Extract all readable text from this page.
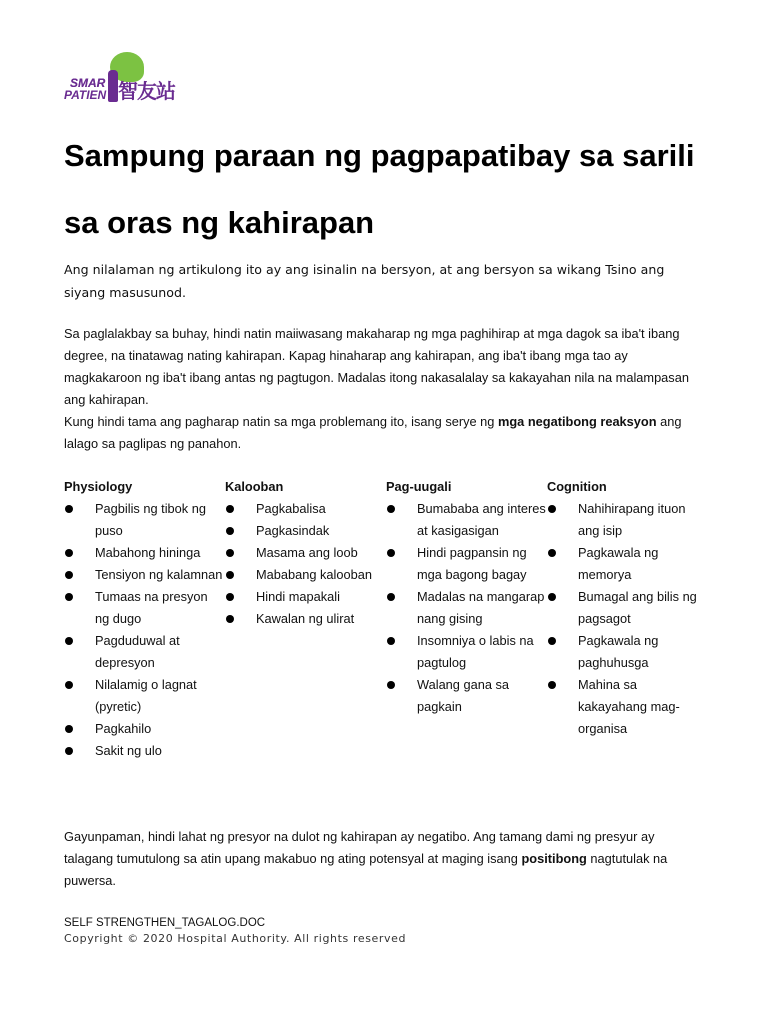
SMAR
PATIEN 智友站
Sampung paraan ng pagpapatibay sa sarili sa oras ng kahirapan

Ang nilalaman ng artikulong ito ay ang isinalin na bersyon, at ang bersyon sa wikang Tsino ang siyang masusunod.

Sa paglalakbay sa buhay, hindi natin maiiwasang makaharap ng mga paghihirap at mga dagok sa iba't ibang degree, na tinatawag nating kahirapan. Kapag hinaharap ang kahirapan, ang iba't ibang mga tao ay magkakaroon ng iba't ibang antas ng pagtugon. Madalas itong nakasalalay sa kakayahan nila na malampasan ang kahirapan.

Kung hindi tama ang pagharap natin sa mga problemang ito, isang serye ng mga negatibong reaksyon ang lalago sa paglipas ng panahon.

Physiology
Pagbilis ng tibok ng puso
Mabahong hininga
Tensiyon ng kalamnan
Tumaas na presyon ng dugo
Pagduduwal at depresyon
Nilalamig o lagnat (pyretic)
Pagkahilo
Sakit ng ulo
Kalooban
Pagkabalisa
Pagkasindak
Masama ang loob
Mababang kalooban
Hindi mapakali
Kawalan ng ulirat
Pag-uugali
Bumababa ang interes at kasigasigan
Hindi pagpansin ng mga bagong bagay
Madalas na mangarap nang gising
Insomniya o labis na pagtulog
Walang gana sa pagkain
Cognition
Nahihirapang ituon ang isip
Pagkawala ng memorya
Bumagal ang bilis ng pagsagot
Pagkawala ng paghuhusga
Mahina sa kakayahang mag-organisa

Gayunpaman, hindi lahat ng presyor na dulot ng kahirapan ay negatibo. Ang tamang dami ng presyur ay talagang tumutulong sa atin upang makabuo ng ating potensyal at maging isang positibong nagtutulak na puwersa.

SELF STRENGTHEN_TAGALOG.DOC

Copyright © 2020 Hospital Authority. All rights reserved
